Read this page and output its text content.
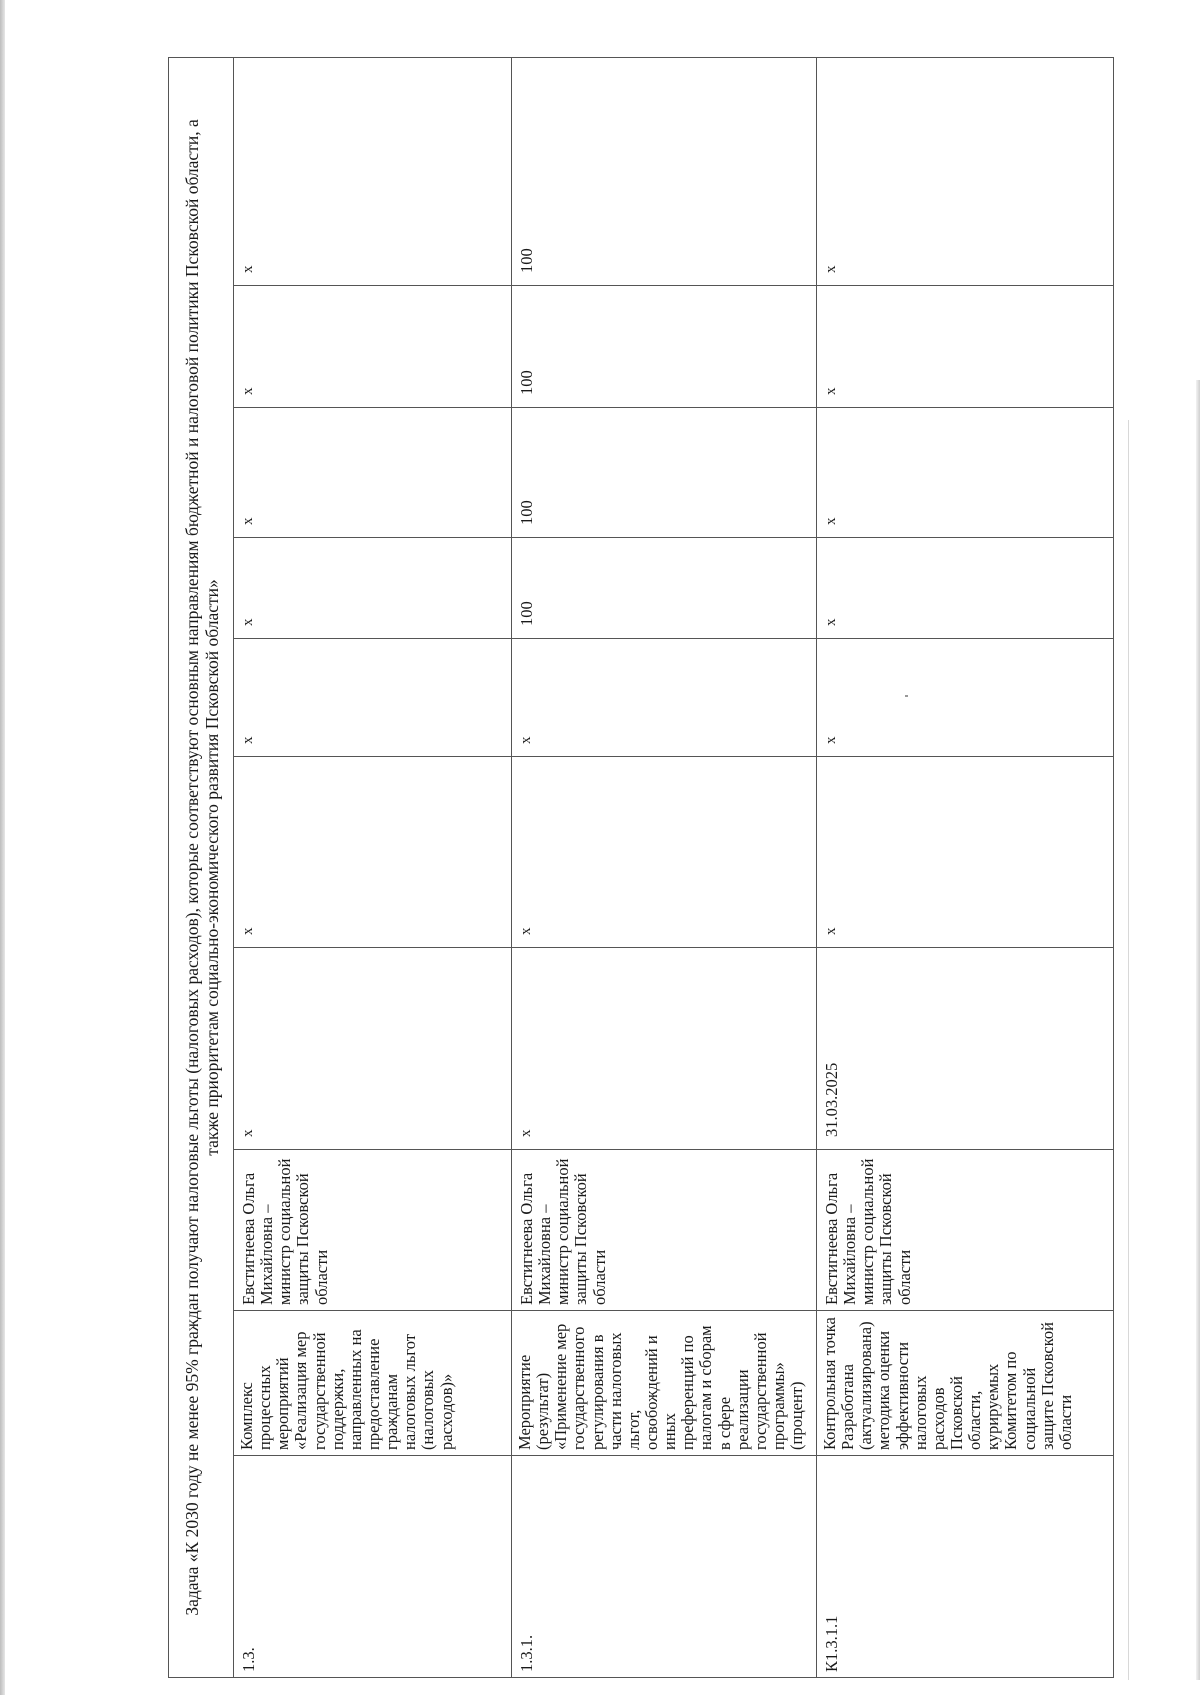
Задача «К 2030 году не менее 95% граждан получают налоговые льготы (налоговых расходов), которые соответствуют основным направлениям бюджетной и налоговой политики Псковской области, а также приоритетам социально-экономического развития Псковской области»									
1.3.	Комплекс процессных мероприятий «Реализация мер государственной поддержки, направленных на предоставление гражданам налоговых льгот (налоговых расходов)»	Евстигнеева Ольга Михайловна – министр социальной защиты Псковской области	х	х	х	х	х	х	х
1.3.1.	Мероприятие (результат) «Применение мер государственного регулирования в части налоговых льгот, освобождений и иных преференций по налогам и сборам в сфере реализации государственной программы» (процент)	Евстигнеева Ольга Михайловна – министр социальной защиты Псковской области	х	х	х	100	100	100	100
К1.3.1.1	Контрольная точка Разработана (актуализирована) методика оценки эффективности налоговых расходов Псковской области, курируемых Комитетом по социальной защите Псковской области	Евстигнеева Ольга Михайловна – министр социальной защиты Псковской области	31.03.2025	х	х	х	х	х	х
